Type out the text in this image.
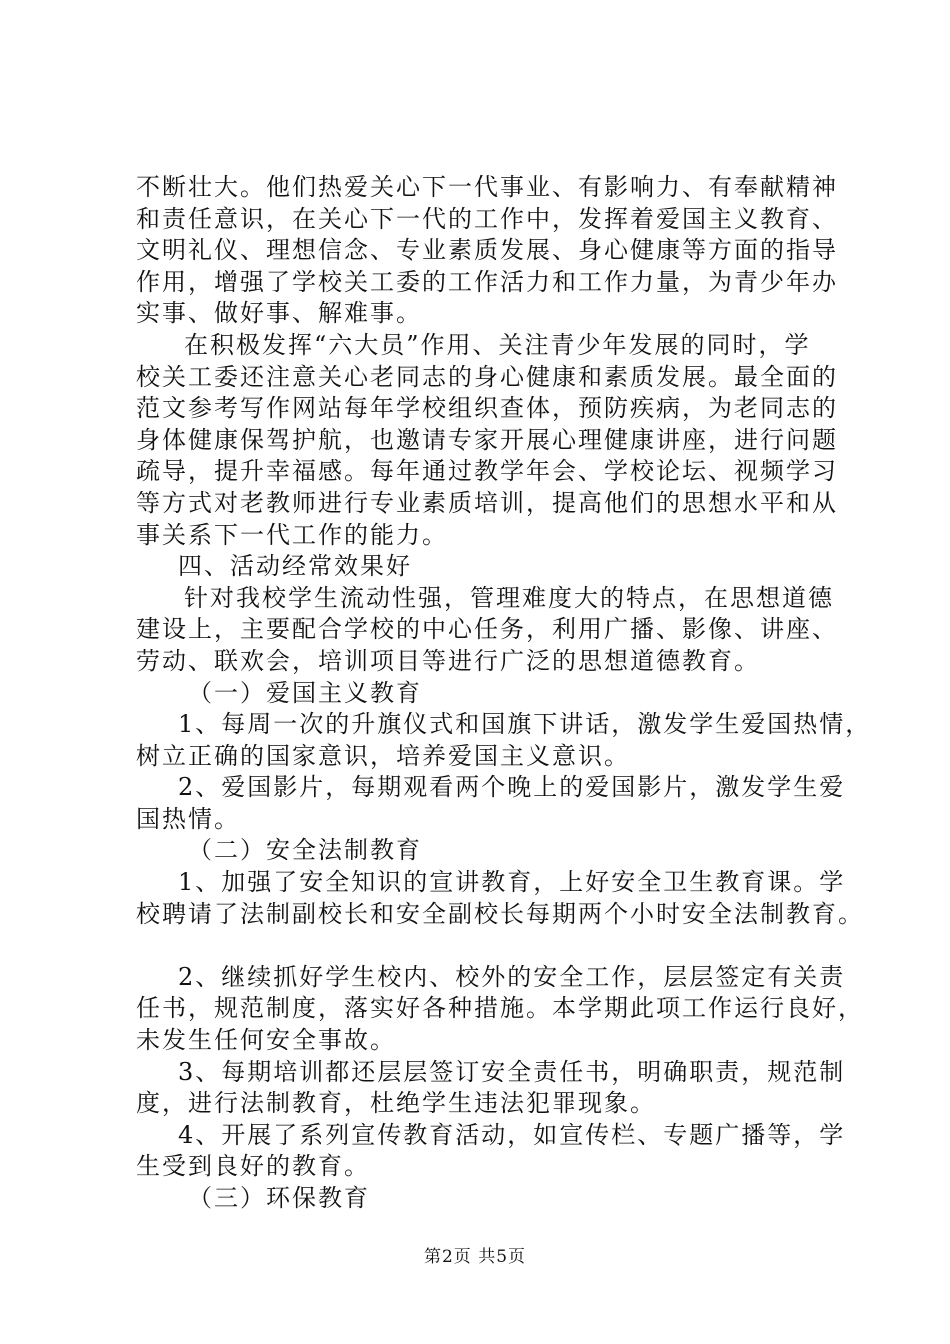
不断壮大。他们热爱关心下一代事业、有影响力、有奉献精神
和责任意识，在关心下一代的工作中，发挥着爱国主义教育、
文明礼仪、理想信念、专业素质发展、身心健康等方面的指导
作用，增强了学校关工委的工作活力和工作力量，为青少年办
实事、做好事、解难事。
在积极发挥“六大员”作用、关注青少年发展的同时，学
校关工委还注意关心老同志的身心健康和素质发展。最全面的
范文参考写作网站每年学校组织查体，预防疾病，为老同志的
身体健康保驾护航，也邀请专家开展心理健康讲座，进行问题
疏导，提升幸福感。每年通过教学年会、学校论坛、视频学习
等方式对老教师进行专业素质培训，提高他们的思想水平和从
事关系下一代工作的能力。
四、活动经常效果好
针对我校学生流动性强，管理难度大的特点，在思想道德
建设上，主要配合学校的中心任务，利用广播、影像、讲座、
劳动、联欢会，培训项目等进行广泛的思想道德教育。
（一）爱国主义教育
1、每周一次的升旗仪式和国旗下讲话，激发学生爱国热情，
树立正确的国家意识，培养爱国主义意识。
2、爱国影片，每期观看两个晚上的爱国影片，激发学生爱
国热情。
（二）安全法制教育
1、加强了安全知识的宣讲教育，上好安全卫生教育课。学
校聘请了法制副校长和安全副校长每期两个小时安全法制教育。
2、继续抓好学生校内、校外的安全工作，层层签定有关责
任书，规范制度，落实好各种措施。本学期此项工作运行良好，
未发生任何安全事故。
3、每期培训都还层层签订安全责任书，明确职责，规范制
度，进行法制教育，杜绝学生违法犯罪现象。
4、开展了系列宣传教育活动，如宣传栏、专题广播等，学
生受到良好的教育。
（三）环保教育
第2页 共5页
